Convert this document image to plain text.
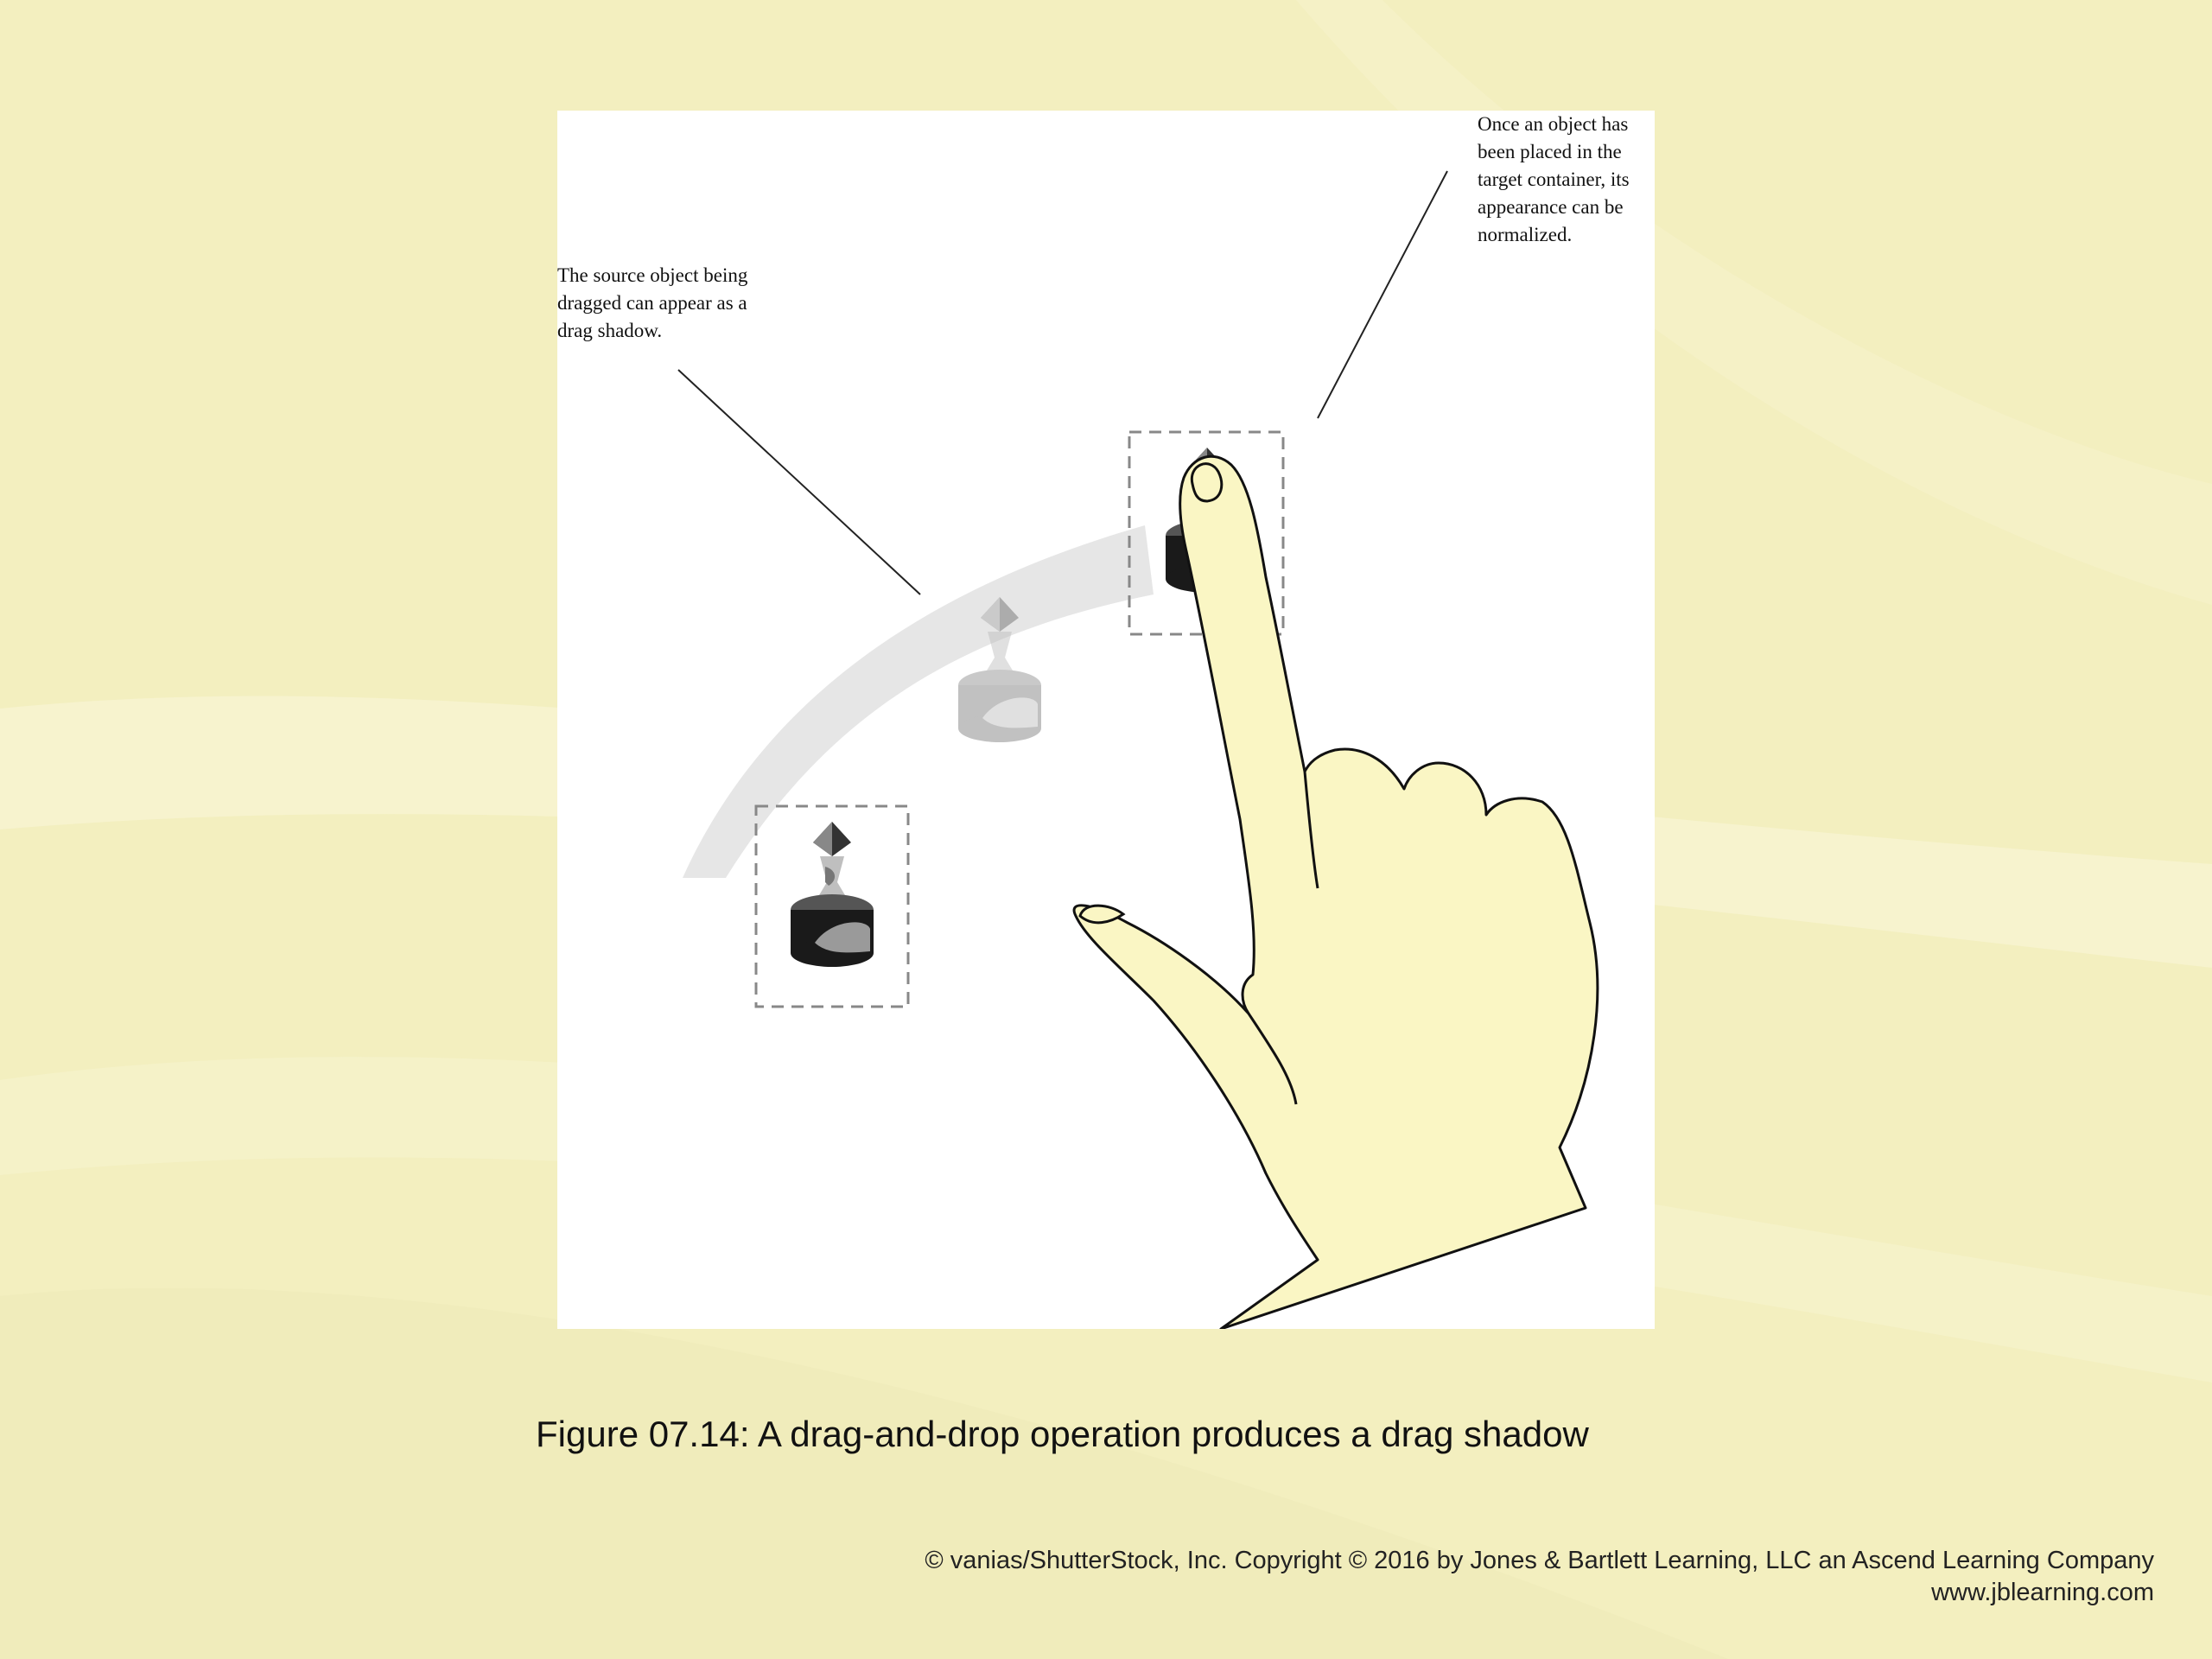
The source object being dragged can appear as a drag shadow.
Once an object has been placed in the target container, its appearance can be normalized.
Figure 07.14: A drag-and-drop operation produces a drag shadow
© vanias/ShutterStock, Inc. Copyright © 2016 by Jones & Bartlett Learning, LLC an Ascend Learning Company
www.jblearning.com
